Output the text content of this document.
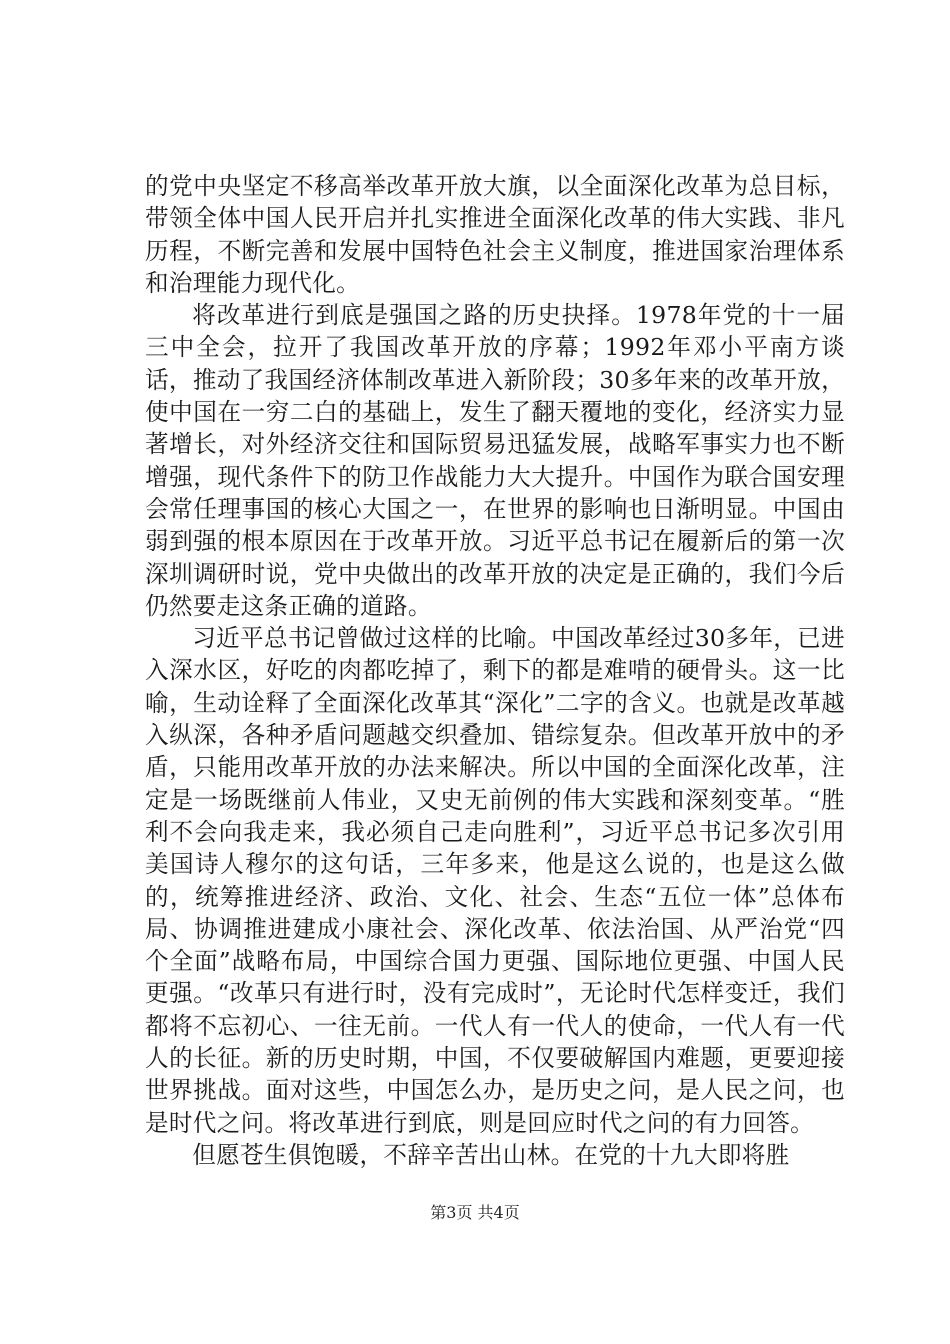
的党中央坚定不移高举改革开放大旗，以全面深化改革为总目标，带领全体中国人民开启并扎实推进全面深化改革的伟大实践、非凡历程，不断完善和发展中国特色社会主义制度，推进国家治理体系和治理能力现代化。

将改革进行到底是强国之路的历史抉择。1978年党的十一届三中全会，拉开了我国改革开放的序幕；1992年邓小平南方谈话，推动了我国经济体制改革进入新阶段；30多年来的改革开放，使中国在一穷二白的基础上，发生了翻天覆地的变化，经济实力显著增长，对外经济交往和国际贸易迅猛发展，战略军事实力也不断增强，现代条件下的防卫作战能力大大提升。中国作为联合国安理会常任理事国的核心大国之一，在世界的影响也日渐明显。中国由弱到强的根本原因在于改革开放。习近平总书记在履新后的第一次深圳调研时说，党中央做出的改革开放的决定是正确的，我们今后仍然要走这条正确的道路。

习近平总书记曾做过这样的比喻。中国改革经过30多年，已进入深水区，好吃的肉都吃掉了，剩下的都是难啃的硬骨头。这一比喻，生动诠释了全面深化改革其“深化”二字的含义。也就是改革越入纵深，各种矛盾问题越交织叠加、错综复杂。但改革开放中的矛盾，只能用改革开放的办法来解决。所以中国的全面深化改革，注定是一场既继前人伟业，又史无前例的伟大实践和深刻变革。“胜利不会向我走来，我必须自己走向胜利”，习近平总书记多次引用美国诗人穆尔的这句话，三年多来，他是这么说的，也是这么做的，统筹推进经济、政治、文化、社会、生态“五位一体”总体布局、协调推进建成小康社会、深化改革、依法治国、从严治党“四个全面”战略布局，中国综合国力更强、国际地位更强、中国人民更强。“改革只有进行时，没有完成时”，无论时代怎样变迁，我们都将不忘初心、一往无前。一代人有一代人的使命，一代人有一代人的长征。新的历史时期，中国，不仅要破解国内难题，更要迎接世界挑战。面对这些，中国怎么办，是历史之问，是人民之问，也是时代之问。将改革进行到底，则是回应时代之问的有力回答。

但愿苍生俱饱暖，不辞辛苦出山林。在党的十九大即将胜

第3页 共4页
